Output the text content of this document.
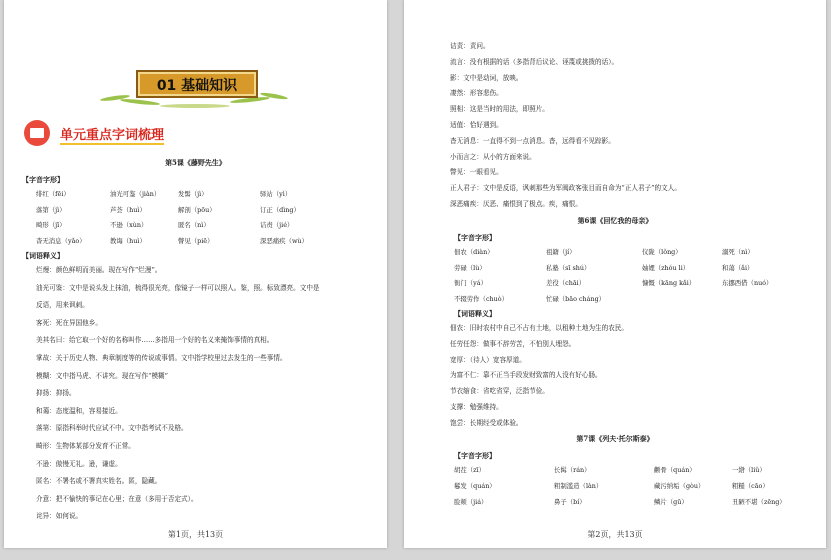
01 基础知识
单元重点字词梳理
第5课《藤野先生》
【字音字形】
绯红（fēi）	油光可鉴（jiàn）	发髻（jì）	驿站（yì）
落第（jì）	芦荟（huì）	解剖（pōu）	订正（dìng）
畸形（jī）	不逊（xùn）	匿名（nì）	诘责（jié）
杳无消息（yǎo）	教诲（huì）	瞥见（piē）	深恶痛疾（wù）
【词语释义】
烂熳：颜色鲜明而美丽。现在写作“烂漫”。
油光可鉴：文中是说头发上抹油，梳得很光亮，像镜子一样可以照人。鉴，照。标致漂亮。文中是
反语，用来讽刺。
客死：死在异国他乡。
美其名曰：给它取一个好的名称叫作……多指用一个好的名义来掩饰事情的真相。
掌故：关于历史人物、典章制度等的传说或事情。文中指学校里过去发生的一些事情。
模糊：文中指马虎、不讲究。现在写作“模糊”
抑扬：抑扬。
和蔼：态度温和，容易接近。
落第：原指科举时代应试不中。文中指考试不及格。
畸形：生物体某部分发育不正常。
不逊：傲慢无礼。逊，谦虚。
匿名：不署名或不署真实姓名。匿，隐藏。
介意：把不愉快的事记在心里；在意（多用于否定式）。
诧异：如何说。
第1页，共13页
诘责：责问。
流言：没有根据的话（多指背后议论、诬蔑或挑拨的话）。
影：文中是动词，放映。
凄然：形容悲伤。
照相：这是当时的用法，即照片。
适值：恰好遇到。
杳无消息：一直得不到一点消息。杳，远得看不见踪影。
小而言之：从小的方面来说。
瞥见：一眼看见。
正人君子：文中是反语，讽刺那些为军阀政客张目而自命为“正人君子”的文人。
深恶痛疾：厌恶、痛恨到了极点。疾，痛恨。
第6课《回忆我的母亲》
【字音字形】
佃农（diàn）	祖籍（jí）	仪陇（lǒng）	溺死（nì）
劳碌（lù）	私塾（sī shú）	妯娌（zhóu li）	和蔼（ǎi）
衙门（yá）	差役（chāi）	慷慨（kāng kǎi）	东挪西借（nuó）
不辍劳作（chuò）	忙碌（bāo cháng）
【词语释义】
佃农：旧时农村中自己不占有土地，以租种土地为生的农民。
任劳任怨：做事不辞劳苦，不怕别人埋怨。
宽厚：（待人）宽容厚道。
为富不仁：靠不正当手段发财致富的人没有好心肠。
节衣缩食：省吃省穿，泛指节俭。
支撑：勉强维持。
饱尝：长期经受或体验。
第7课《列夫·托尔斯泰》
【字音字形】
胡茬（zī）	长髯（rán）	颧骨（quán）	一綹（liǔ）
鬈发（quán）	粗制滥造（làn）	藏污纳垢（gòu）	粗糙（cāo）
脸颊（jiá）	鼻子（bí）	鳞片（gū）	丑陋不堪（zēng）
第2页，共13页
